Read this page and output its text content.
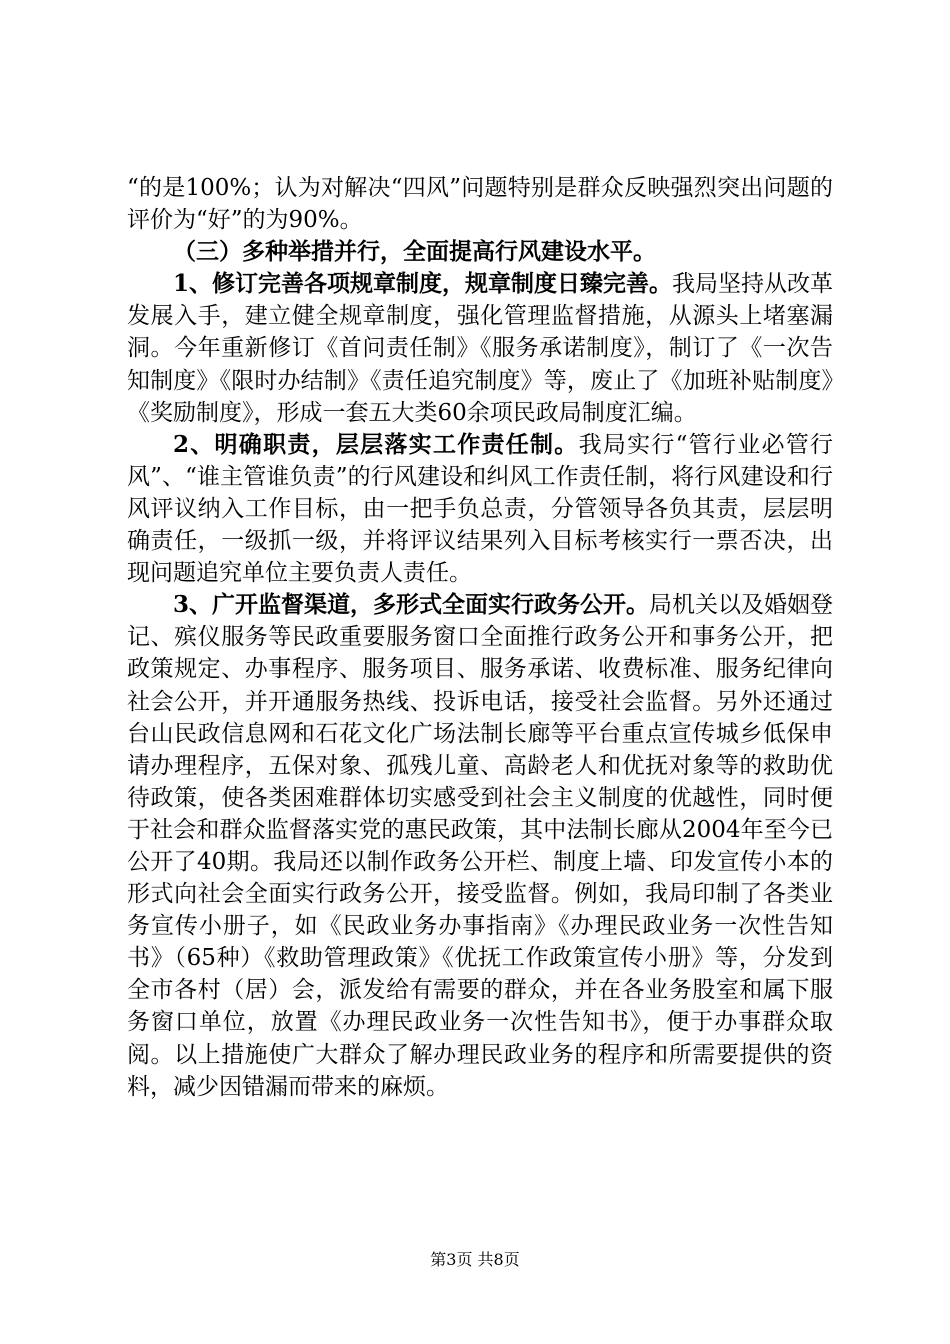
“的是100%；认为对解决“四风”问题特别是群众反映强烈突出问题的评价为“好”的为90%。

（三）多种举措并行，全面提高行风建设水平。

1、修订完善各项规章制度，规章制度日臻完善。我局坚持从改革发展入手，建立健全规章制度，强化管理监督措施，从源头上堵塞漏洞。今年重新修订《首问责任制》《服务承诺制度》，制订了《一次告知制度》《限时办结制》《责任追究制度》等，废止了《加班补贴制度》《奖励制度》，形成一套五大类60余项民政局制度汇编。

2、明确职责，层层落实工作责任制。我局实行“管行业必管行风”、“谁主管谁负责”的行风建设和纠风工作责任制，将行风建设和行风评议纳入工作目标，由一把手负总责，分管领导各负其责，层层明确责任，一级抓一级，并将评议结果列入目标考核实行一票否决，出现问题追究单位主要负责人责任。

3、广开监督渠道，多形式全面实行政务公开。局机关以及婚姻登记、殡仪服务等民政重要服务窗口全面推行政务公开和事务公开，把政策规定、办事程序、服务项目、服务承诺、收费标准、服务纪律向社会公开，并开通服务热线、投诉电话，接受社会监督。另外还通过台山民政信息网和石花文化广场法制长廊等平台重点宣传城乡低保申请办理程序，五保对象、孤残儿童、高龄老人和优抚对象等的救助优待政策，使各类困难群体切实感受到社会主义制度的优越性，同时便于社会和群众监督落实党的惠民政策，其中法制长廊从2004年至今已公开了40期。我局还以制作政务公开栏、制度上墙、印发宣传小本的形式向社会全面实行政务公开，接受监督。例如，我局印制了各类业务宣传小册子，如《民政业务办事指南》《办理民政业务一次性告知书》（65种）《救助管理政策》《优抚工作政策宣传小册》等，分发到全市各村（居）会，派发给有需要的群众，并在各业务股室和属下服务窗口单位，放置《办理民政业务一次性告知书》，便于办事群众取阅。以上措施使广大群众了解办理民政业务的程序和所需要提供的资料，减少因错漏而带来的麻烦。

第3页 共8页
